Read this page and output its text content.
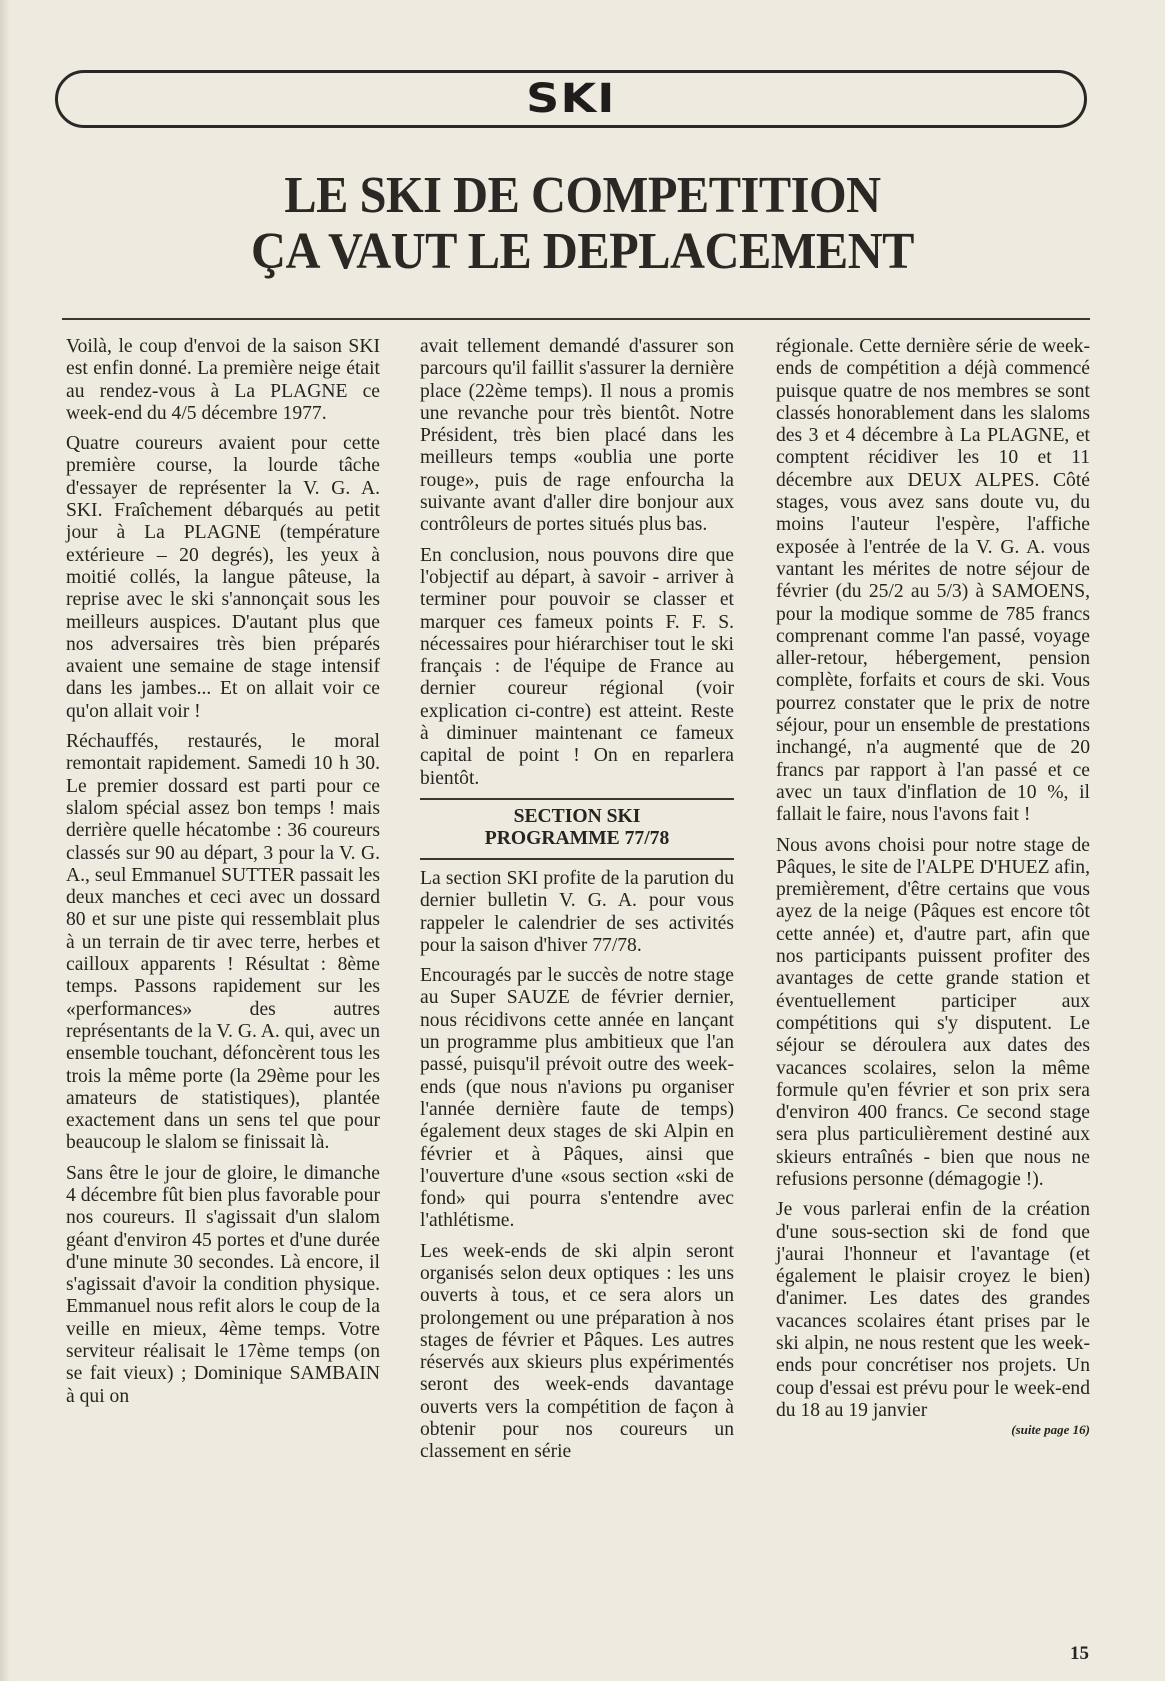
SKI
LE SKI DE COMPETITION
ÇA VAUT LE DEPLACEMENT

Voilà, le coup d'envoi de la saison SKI est enfin donné. La première neige était au rendez-vous à La PLAGNE ce week-end du 4/5 décembre 1977.

Quatre coureurs avaient pour cette première course, la lourde tâche d'essayer de représenter la V. G. A. SKI. Fraîchement débarqués au petit jour à La PLAGNE (température extérieure – 20 degrés), les yeux à moitié collés, la langue pâteuse, la reprise avec le ski s'annonçait sous les meilleurs auspices. D'autant plus que nos adversaires très bien préparés avaient une semaine de stage intensif dans les jambes... Et on allait voir ce qu'on allait voir !

Réchauffés, restaurés, le moral remontait rapidement. Samedi 10 h 30. Le premier dossard est parti pour ce slalom spécial assez bon temps ! mais derrière quelle hécatombe : 36 coureurs classés sur 90 au départ, 3 pour la V. G. A., seul Emmanuel SUTTER passait les deux manches et ceci avec un dossard 80 et sur une piste qui ressemblait plus à un terrain de tir avec terre, herbes et cailloux apparents ! Résultat : 8ème temps. Passons rapidement sur les «performances» des autres représentants de la V. G. A. qui, avec un ensemble touchant, défoncèrent tous les trois la même porte (la 29ème pour les amateurs de statistiques), plantée exactement dans un sens tel que pour beaucoup le slalom se finissait là.

Sans être le jour de gloire, le dimanche 4 décembre fût bien plus favorable pour nos coureurs. Il s'agissait d'un slalom géant d'environ 45 portes et d'une durée d'une minute 30 secondes. Là encore, il s'agissait d'avoir la condition physique. Emmanuel nous refit alors le coup de la veille en mieux, 4ème temps. Votre serviteur réalisait le 17ème temps (on se fait vieux) ; Dominique SAMBAIN à qui on

avait tellement demandé d'assurer son parcours qu'il faillit s'assurer la dernière place (22ème temps). Il nous a promis une revanche pour très bientôt. Notre Président, très bien placé dans les meilleurs temps «oublia une porte rouge», puis de rage enfourcha la suivante avant d'aller dire bonjour aux contrôleurs de portes situés plus bas.

En conclusion, nous pouvons dire que l'objectif au départ, à savoir - arriver à terminer pour pouvoir se classer et marquer ces fameux points F. F. S. nécessaires pour hiérarchiser tout le ski français : de l'équipe de France au dernier coureur régional (voir explication ci-contre) est atteint. Reste à diminuer maintenant ce fameux capital de point ! On en reparlera bientôt.

SECTION SKI
PROGRAMME 77/78

La section SKI profite de la parution du dernier bulletin V. G. A. pour vous rappeler le calendrier de ses activités pour la saison d'hiver 77/78.

Encouragés par le succès de notre stage au Super SAUZE de février dernier, nous récidivons cette année en lançant un programme plus ambitieux que l'an passé, puisqu'il prévoit outre des week-ends (que nous n'avions pu organiser l'année dernière faute de temps) également deux stages de ski Alpin en février et à Pâques, ainsi que l'ouverture d'une «sous section «ski de fond» qui pourra s'entendre avec l'athlétisme.

Les week-ends de ski alpin seront organisés selon deux optiques : les uns ouverts à tous, et ce sera alors un prolongement ou une préparation à nos stages de février et Pâques. Les autres réservés aux skieurs plus expérimentés seront des week-ends davantage ouverts vers la compétition de façon à obtenir pour nos coureurs un classement en série

régionale. Cette dernière série de week-ends de compétition a déjà commencé puisque quatre de nos membres se sont classés honorablement dans les slaloms des 3 et 4 décembre à La PLAGNE, et comptent récidiver les 10 et 11 décembre aux DEUX ALPES. Côté stages, vous avez sans doute vu, du moins l'auteur l'espère, l'affiche exposée à l'entrée de la V. G. A. vous vantant les mérites de notre séjour de février (du 25/2 au 5/3) à SAMOENS, pour la modique somme de 785 francs comprenant comme l'an passé, voyage aller-retour, hébergement, pension complète, forfaits et cours de ski. Vous pourrez constater que le prix de notre séjour, pour un ensemble de prestations inchangé, n'a augmenté que de 20 francs par rapport à l'an passé et ce avec un taux d'inflation de 10 %, il fallait le faire, nous l'avons fait !

Nous avons choisi pour notre stage de Pâques, le site de l'ALPE D'HUEZ afin, premièrement, d'être certains que vous ayez de la neige (Pâques est encore tôt cette année) et, d'autre part, afin que nos participants puissent profiter des avantages de cette grande station et éventuellement participer aux compétitions qui s'y disputent. Le séjour se déroulera aux dates des vacances scolaires, selon la même formule qu'en février et son prix sera d'environ 400 francs. Ce second stage sera plus particulièrement destiné aux skieurs entraînés - bien que nous ne refusions personne (démagogie !).

Je vous parlerai enfin de la création d'une sous-section ski de fond que j'aurai l'honneur et l'avantage (et également le plaisir croyez le bien) d'animer. Les dates des grandes vacances scolaires étant prises par le ski alpin, ne nous restent que les week-ends pour concrétiser nos projets. Un coup d'essai est prévu pour le week-end du 18 au 19 janvier

(suite page 16)
15
